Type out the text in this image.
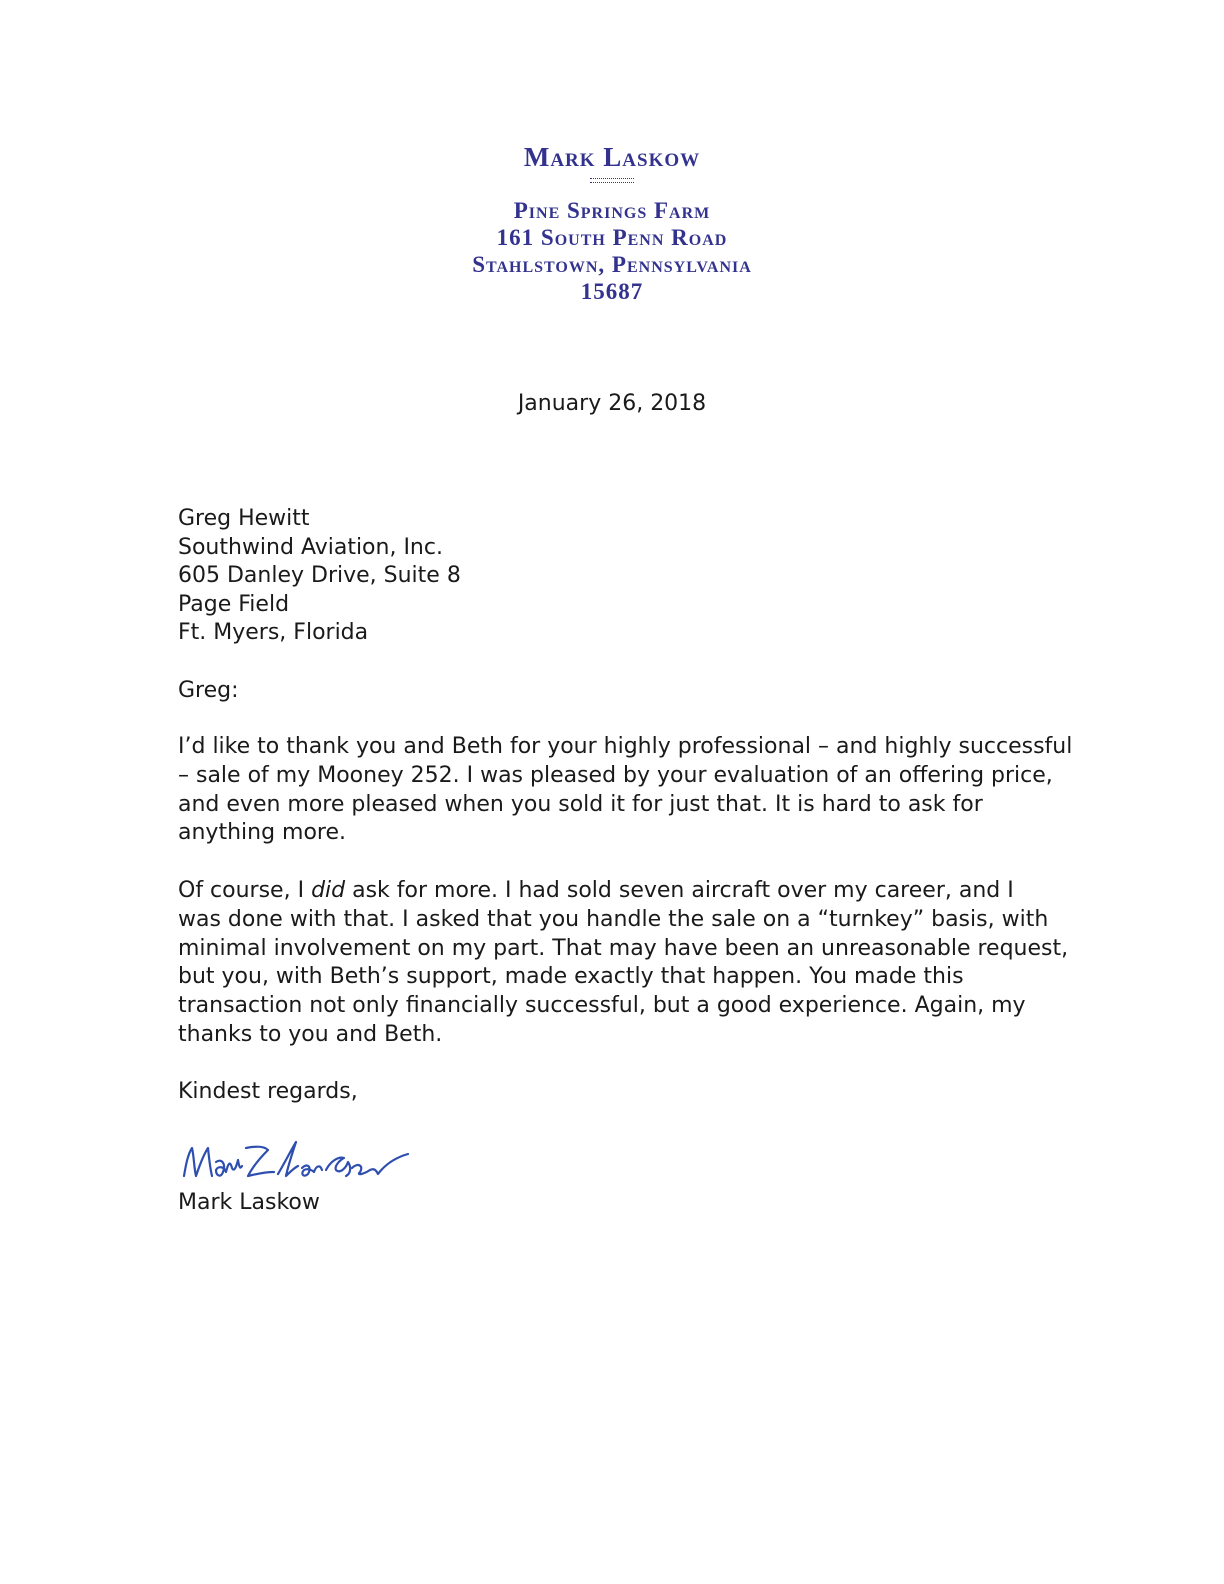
Mark Laskow
Pine Springs Farm
161 South Penn Road
Stahlstown, Pennsylvania
15687
January 26, 2018
Greg Hewitt
Southwind Aviation, Inc.
605 Danley Drive, Suite 8
Page Field
Ft. Myers, Florida
Greg:
I’d like to thank you and Beth for your highly professional – and highly successful
– sale of my Mooney 252. I was pleased by your evaluation of an offering price,
and even more pleased when you sold it for just that. It is hard to ask for
anything more.
Of course, I did ask for more. I had sold seven aircraft over my career, and I
was done with that. I asked that you handle the sale on a “turnkey” basis, with
minimal involvement on my part. That may have been an unreasonable request,
but you, with Beth’s support, made exactly that happen. You made this
transaction not only financially successful, but a good experience. Again, my
thanks to you and Beth.
Kindest regards,
Mark Laskow
